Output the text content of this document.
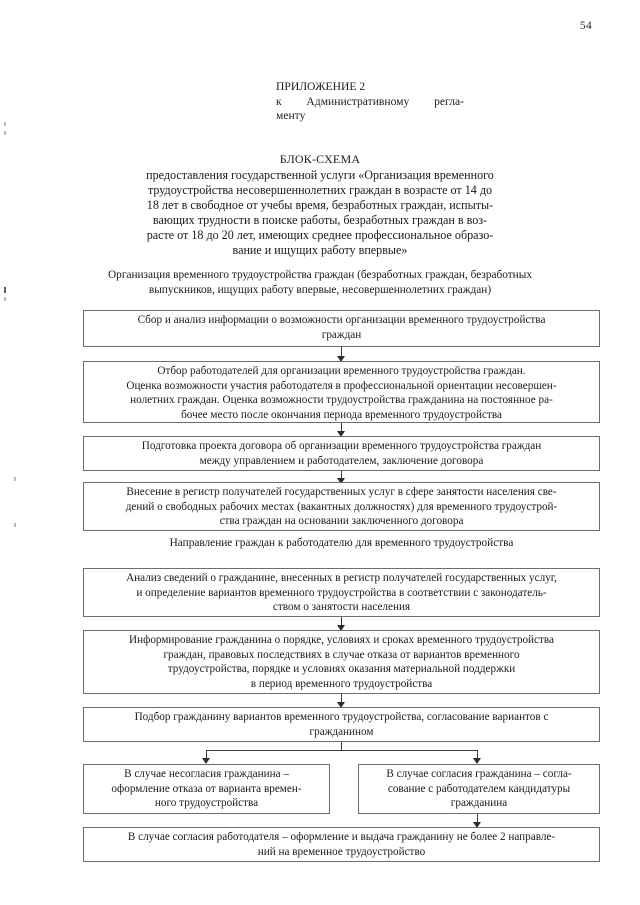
54
ПРИЛОЖЕНИЕ 2
к Административному регла-
менту
БЛОК-СХЕМА
предоставления государственной услуги «Организация временного
трудоустройства несовершеннолетних граждан в возрасте от 14 до
18 лет в свободное от учебы время, безработных граждан, испыты-
вающих трудности в поиске работы, безработных граждан в воз-
расте от 18 до 20 лет, имеющих среднее профессиональное образо-
вание и ищущих работу впервые»
Организация временного трудоустройства граждан (безработных граждан, безработных
выпускников, ищущих работу впервые, несовершеннолетних граждан)
Сбор и анализ информации о возможности организации временного трудоустройства
граждан
Отбор работодателей для организации временного трудоустройства граждан.
Оценка возможности участия работодателя в профессиональной ориентации несовершен-
нолетних граждан. Оценка возможности трудоустройства гражданина на постоянное ра-
бочее место после окончания периода временного трудоустройства
Подготовка проекта договора об организации временного трудоустройства граждан
между управлением и работодателем, заключение договора
Внесение в регистр получателей государственных услуг в сфере занятости населения све-
дений о свободных рабочих местах (вакантных должностях) для временного трудоустрой-
ства граждан на основании заключенного договора
Направление граждан к работодателю для временного трудоустройства
Анализ сведений о гражданине, внесенных в регистр получателей государственных услуг,
и определение вариантов временного трудоустройства в соответствии с законодатель-
ством о занятости населения
Информирование гражданина о порядке, условиях и сроках временного трудоустройства
граждан, правовых последствиях в случае отказа от вариантов временного
трудоустройства, порядке и условиях оказания материальной поддержки
в период временного трудоустройства
Подбор гражданину вариантов временного трудоустройства, согласование вариантов с
гражданином
В случае несогласия гражданина –
оформление отказа от варианта времен-
ного трудоустройства
В случае согласия гражданина – согла-
сование с работодателем кандидатуры
гражданина
В случае согласия работодателя – оформление и выдача гражданину не более 2 направле-
ний на временное трудоустройство
